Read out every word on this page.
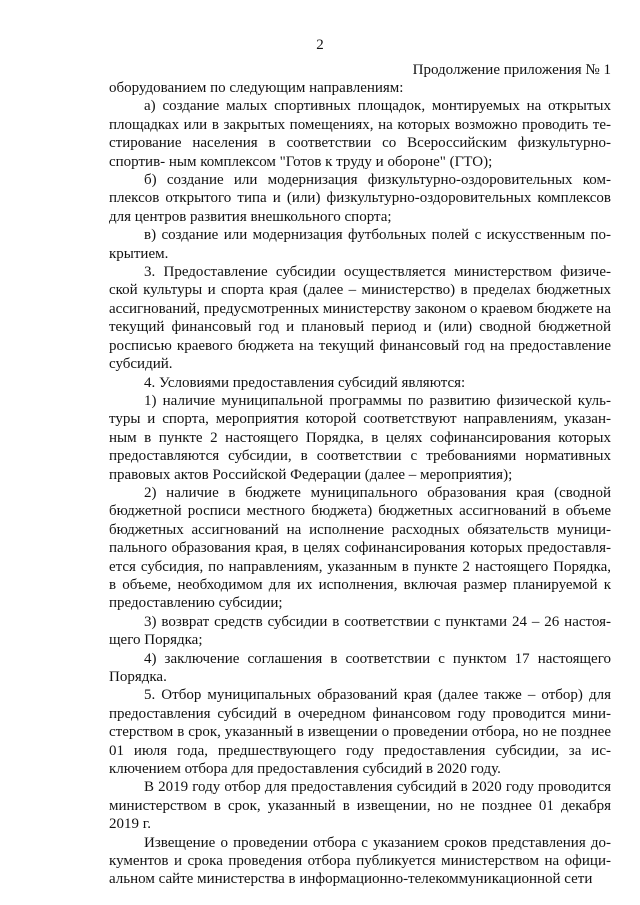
2
Продолжение приложения № 1

оборудованием по следующим направлениям:

а) создание малых спортивных площадок, монтируемых на открытых площадках или в закрытых помещениях, на которых возможно проводить тестирование населения в соответствии со Всероссийским физкультурно-спортив- ным комплексом "Готов к труду и обороне" (ГТО);

б) создание или модернизация физкультурно-оздоровительных комплексов открытого типа и (или) физкультурно-оздоровительных комплексов для центров развития внешкольного спорта;

в) создание или модернизация футбольных полей с искусственным покрытием.

3. Предоставление субсидии осуществляется министерством физической культуры и спорта края (далее – министерство) в пределах бюджетных ассигнований, предусмотренных министерству законом о краевом бюджете на текущий финансовый год и плановый период и (или) сводной бюджетной росписью краевого бюджета на текущий финансовый год на предоставление субсидий.

4. Условиями предоставления субсидий являются:

1) наличие муниципальной программы по развитию физической культуры и спорта, мероприятия которой соответствуют направлениям, указанным в пункте 2 настоящего Порядка, в целях софинансирования которых предоставляются субсидии, в соответствии с требованиями нормативных правовых актов Российской Федерации (далее – мероприятия);

2) наличие в бюджете муниципального образования края (сводной бюджетной росписи местного бюджета) бюджетных ассигнований в объеме бюджетных ассигнований на исполнение расходных обязательств муниципального образования края, в целях софинансирования которых предоставляется субсидия, по направлениям, указанным в пункте 2 настоящего Порядка, в объеме, необходимом для их исполнения, включая размер планируемой к предоставлению субсидии;

3) возврат средств субсидии в соответствии с пунктами 24 – 26 настоящего Порядка;

4) заключение соглашения в соответствии с пунктом 17 настоящего Порядка.

5. Отбор муниципальных образований края (далее также – отбор) для предоставления субсидий в очередном финансовом году проводится министерством в срок, указанный в извещении о проведении отбора, но не позднее 01 июля года, предшествующего году предоставления субсидии, за исключением отбора для предоставления субсидий в 2020 году.

В 2019 году отбор для предоставления субсидий в 2020 году проводится министерством в срок, указанный в извещении, но не позднее 01 декабря 2019 г.

Извещение о проведении отбора с указанием сроков представления документов и срока проведения отбора публикуется министерством на официальном сайте министерства в информационно-телекоммуникационной сети
